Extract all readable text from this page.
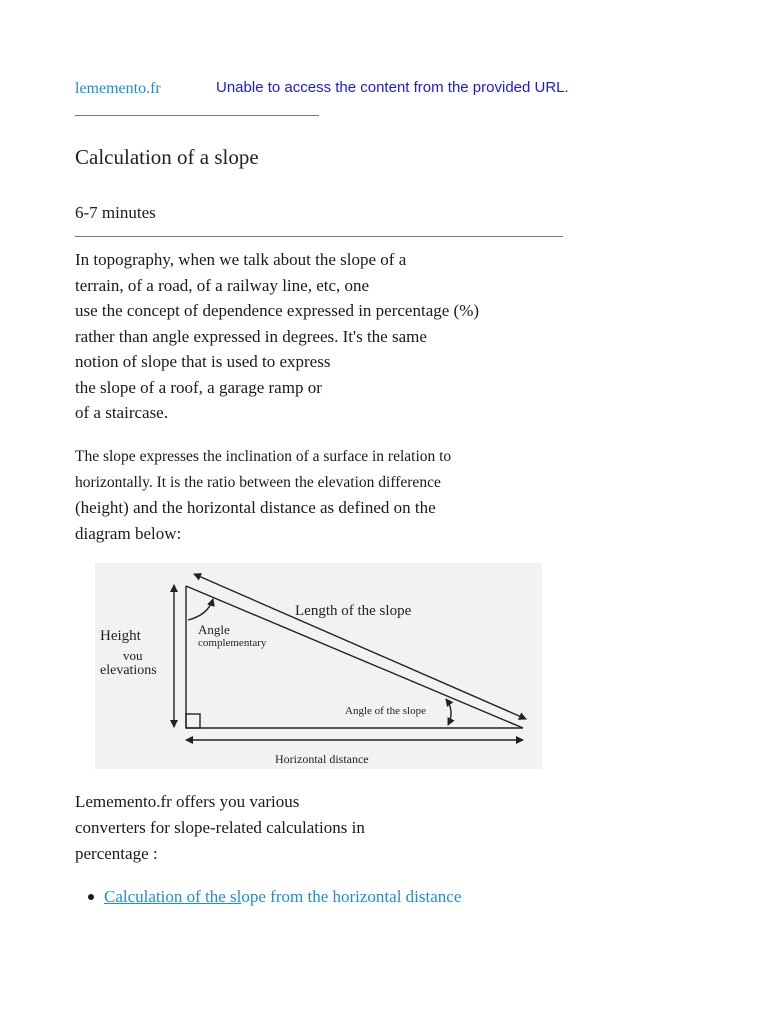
lememento.fr	Unable to access the content from the provided URL.
Calculation of a slope
6-7 minutes

In topography, when we talk about the slope of a
terrain, of a road, of a railway line, etc, one
use the concept of dependence expressed in percentage (%)
rather than angle expressed in degrees. It's the same
notion of slope that is used to express
the slope of a roof, a garage ramp or
of a staircase.

The slope expresses the inclination of a surface in relation to
horizontally. It is the ratio between the elevation difference
(height) and the horizontal distance as defined on the
diagram below:

Height
vou
elevations
Angle
complementary
Length of the slope
Angle of the slope
Horizontal distance

Lememento.fr offers you various
converters for slope-related calculations in
percentage :

Calculation of the slope from the horizontal distance
